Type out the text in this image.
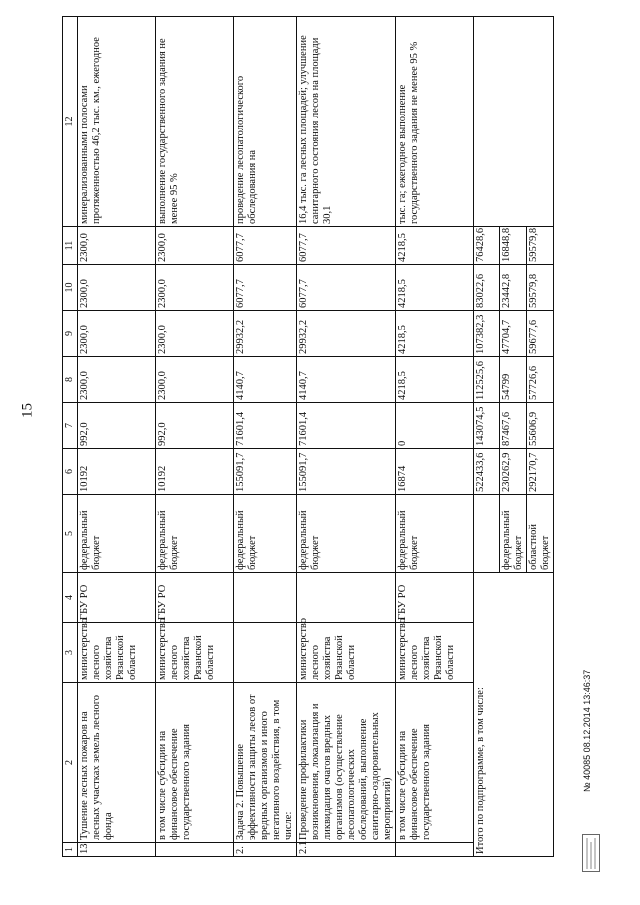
15
1	2	3	4	5	6	7	8	9	10	11	12
13	Тушение лесных пожаров на лесных участках земель лесного фонда	министерство лесного хозяйства Рязанской области	ГБУ РО	федеральный бюджет	10192	992,0	2300,0	2300,0	2300,0	2300,0	минерализованными полосами протяженностью 46,2 тыс. км., ежегодное
	в том числе субсидии на финансовое обеспечение государственного задания	министерство лесного хозяйства Рязанской области	ГБУ РО	федеральный бюджет	10192	992,0	2300,0	2300,0	2300,0	2300,0	выполнение государственного задания не менее 95 %
2.	Задача 2. Повышение эффективности защиты лесов от вредных организмов и иного негативного воздействия, в том числе:			федеральный бюджет	155091,7	71601,4	4140,7	29932,2	6077,7	6077,7	проведение лесопатологического обследования на
2.1	Проведение профилактики возникновения, локализация и ликвидация очагов вредных организмов (осуществление лесопатологических обследований, выполнение санитарно-оздоровительных мероприятий)	министерство лесного хозяйства Рязанской области		федеральный бюджет	155091,7	71601,4	4140,7	29932,2	6077,7	6077,7	16,4 тыс. га лесных площадей; улучшение санитарного состояния лесов на площади 30,1
	в том числе субсидии на финансовое обеспечение государственного задания	министерство лесного хозяйства Рязанской области	ГБУ РО	федеральный бюджет	16874	0	4218,5	4218,5	4218,5	4218,5	тыс. га; ежегодное выполнение государственного задания не менее 95 %
Итого по подпрограмме, в том числе:					522433,6	143074,5	112525,6	107382,3	83022,6	76428,6	
				федеральный бюджет	230262,9	87467,6	54799	47704,7	23442,8	16848,8	
				областной бюджет	292170,7	55606,9	57726,6	59677,6	59579,8	59579,8	
№ 40085 08.12.2014 13:46:37
